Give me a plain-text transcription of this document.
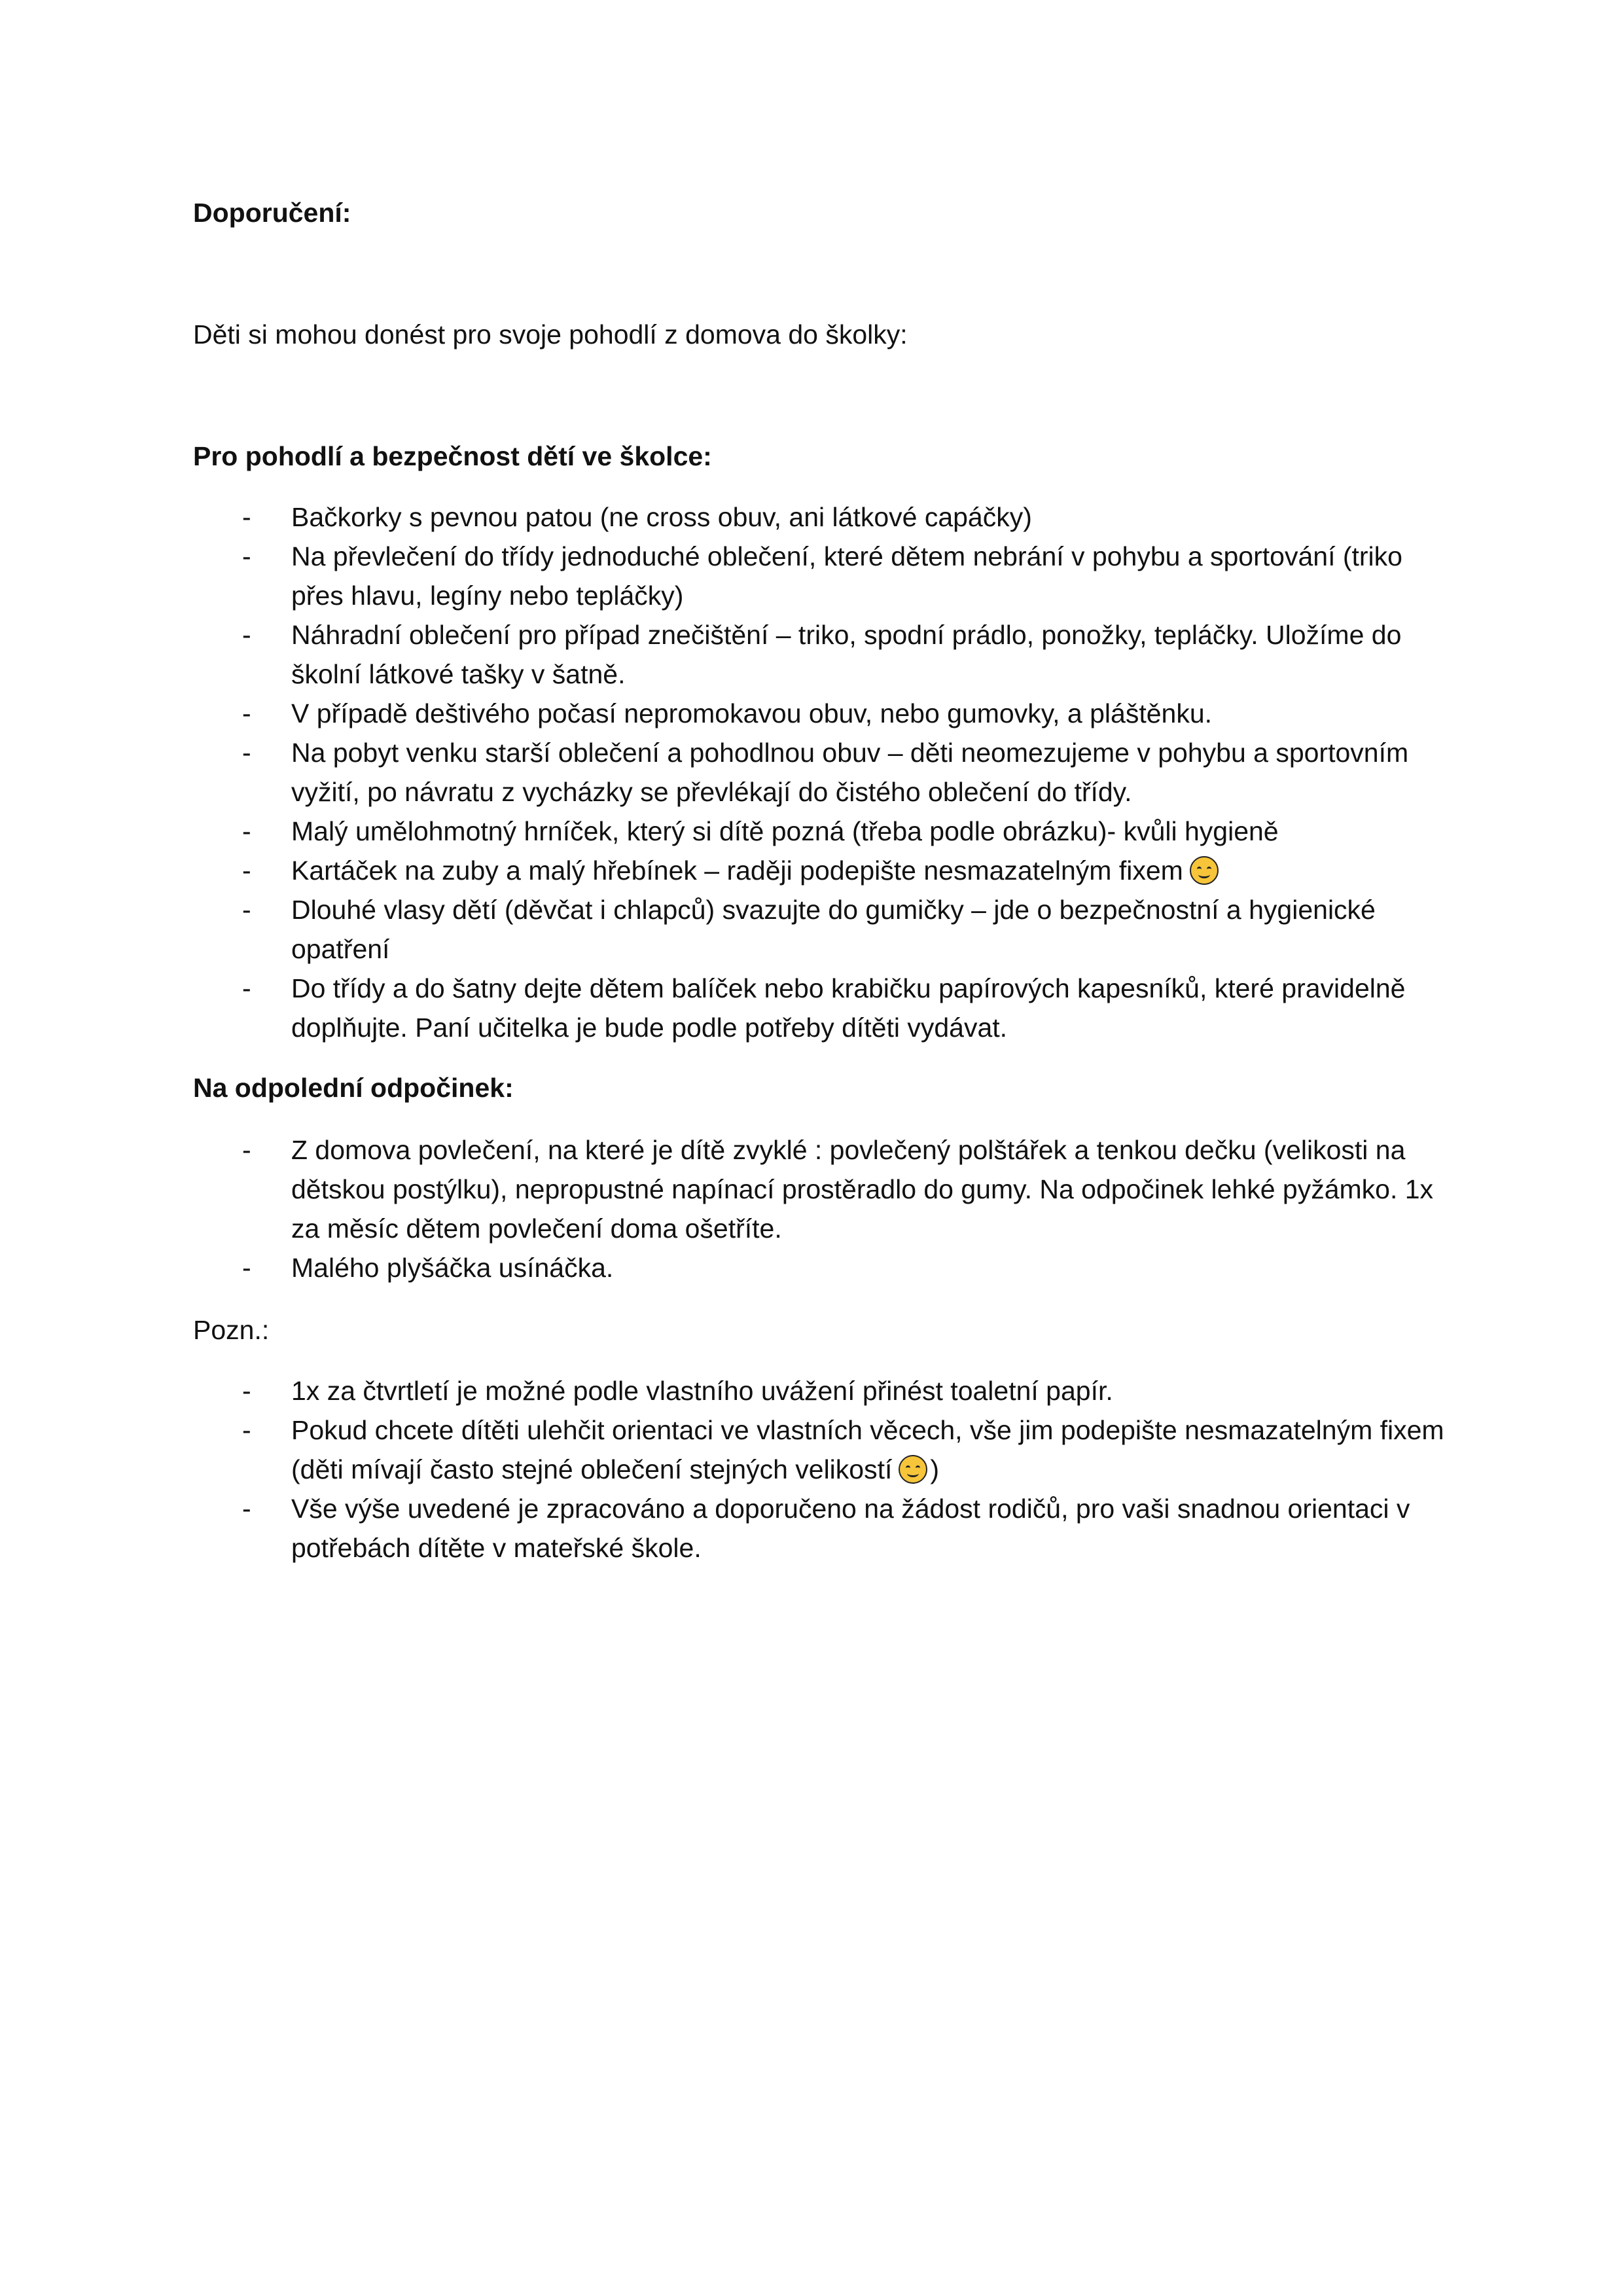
Doporučení:
Děti si mohou donést pro svoje pohodlí z domova do školky:
Pro pohodlí a bezpečnost dětí ve školce:
- Bačkorky s pevnou patou (ne cross obuv, ani látkové capáčky)
- Na převlečení do třídy jednoduché oblečení, které dětem nebrání v pohybu a sportování (triko přes hlavu, legíny nebo tepláčky)
- Náhradní oblečení pro případ znečištění – triko, spodní prádlo, ponožky, tepláčky. Uložíme do školní látkové tašky v šatně.
- V případě deštivého počasí nepromokavou obuv, nebo gumovky, a pláštěnku.
- Na pobyt venku starší oblečení a pohodlnou obuv – děti neomezujeme v pohybu a sportovním vyžití, po návratu z vycházky se převlékají do čistého oblečení do třídy.
- Malý umělohmotný hrníček, který si dítě pozná (třeba podle obrázku)- kvůli hygieně
- Kartáček na zuby a malý hřebínek – raději podepište nesmazatelným fixem
- Dlouhé vlasy dětí (děvčat i chlapců) svazujte do gumičky – jde o bezpečnostní a hygienické opatření
- Do třídy a do šatny dejte dětem balíček nebo krabičku papírových kapesníků, které pravidelně doplňujte. Paní učitelka je bude podle potřeby dítěti vydávat.
Na odpolední odpočinek:
- Z domova povlečení, na které je dítě zvyklé : povlečený polštářek a tenkou dečku (velikosti na dětskou postýlku), nepropustné napínací prostěradlo do gumy. Na odpočinek lehké pyžámko. 1x za měsíc dětem povlečení doma ošetříte.
- Malého plyšáčka usínáčka.
Pozn.:
- 1x za čtvrtletí je možné podle vlastního uvážení přinést toaletní papír.
- Pokud chcete dítěti ulehčit orientaci ve vlastních věcech, vše jim podepište nesmazatelným fixem (děti mívají často stejné oblečení stejných velikostí )
- Vše výše uvedené je zpracováno a doporučeno na žádost rodičů, pro vaši snadnou orientaci v potřebách dítěte v mateřské škole.
